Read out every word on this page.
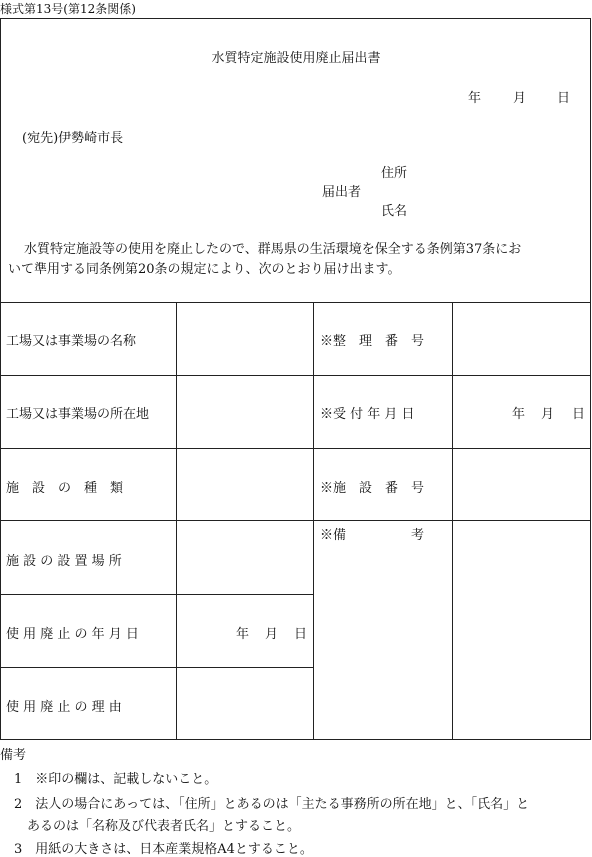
様式第13号(第12条関係)
水質特定施設使用廃止届出書
年 月 日
(宛先)伊勢崎市長
住所
届出者
氏名
水質特定施設等の使用を廃止したので、群馬県の生活環境を保全する条例第37条にお
いて準用する同条例第20条の規定により、次のとおり届け出ます。
工場又は事業場の名称
工場又は事業場の所在地
施　設　の　種　類
施 設 の 設 置 場 所
使 用 廃 止 の 年 月 日
使 用 廃 止 の 理 由
年 月 日
※整　理　番　号
※受 付 年 月 日
※施　設　番　号
※備　　　　　考
年 月 日
備考
1　※印の欄は、記載しないこと。
2　法人の場合にあっては、「住所」とあるのは「主たる事務所の所在地」と、「氏名」と
　あるのは「名称及び代表者氏名」とすること。
3　用紙の大きさは、日本産業規格A4とすること。
